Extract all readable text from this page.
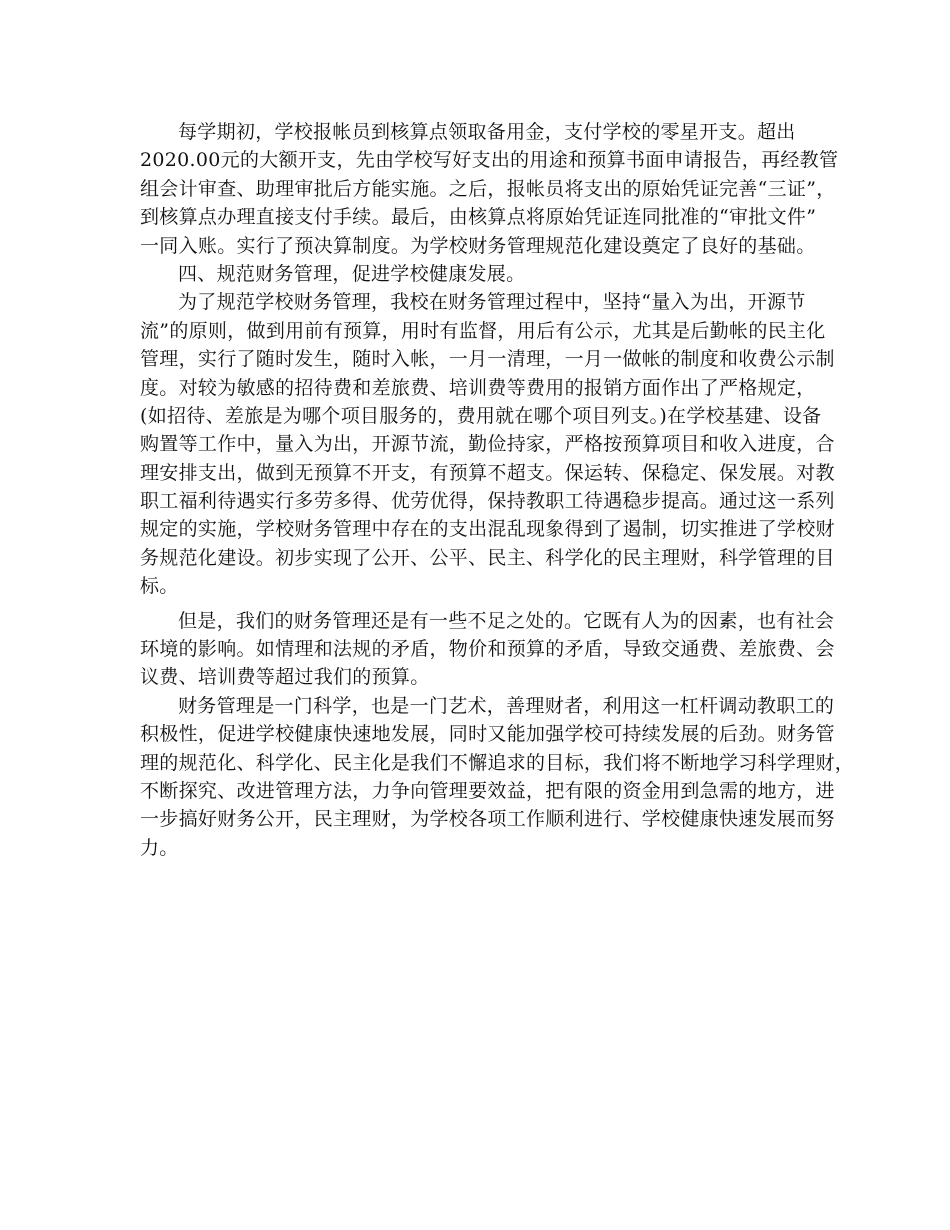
每学期初，学校报帐员到核算点领取备用金，支付学校的零星开支。超出
2020.00元的大额开支，先由学校写好支出的用途和预算书面申请报告，再经教管
组会计审查、助理审批后方能实施。之后，报帐员将支出的原始凭证完善“三证”，
到核算点办理直接支付手续。最后，由核算点将原始凭证连同批准的“审批文件”
一同入账。实行了预决算制度。为学校财务管理规范化建设奠定了良好的基础。
四、规范财务管理，促进学校健康发展。
为了规范学校财务管理，我校在财务管理过程中，坚持“量入为出，开源节
流”的原则，做到用前有预算，用时有监督，用后有公示，尤其是后勤帐的民主化
管理，实行了随时发生，随时入帐，一月一清理，一月一做帐的制度和收费公示制
度。对较为敏感的招待费和差旅费、培训费等费用的报销方面作出了严格规定，
(如招待、差旅是为哪个项目服务的，费用就在哪个项目列支。)在学校基建、设备
购置等工作中，量入为出，开源节流，勤俭持家，严格按预算项目和收入进度，合
理安排支出，做到无预算不开支，有预算不超支。保运转、保稳定、保发展。对教
职工福利待遇实行多劳多得、优劳优得，保持教职工待遇稳步提高。通过这一系列
规定的实施，学校财务管理中存在的支出混乱现象得到了遏制，切实推进了学校财
务规范化建设。初步实现了公开、公平、民主、科学化的民主理财，科学管理的目
标。
但是，我们的财务管理还是有一些不足之处的。它既有人为的因素，也有社会
环境的影响。如情理和法规的矛盾，物价和预算的矛盾，导致交通费、差旅费、会
议费、培训费等超过我们的预算。
财务管理是一门科学，也是一门艺术，善理财者，利用这一杠杆调动教职工的
积极性，促进学校健康快速地发展，同时又能加强学校可持续发展的后劲。财务管
理的规范化、科学化、民主化是我们不懈追求的目标，我们将不断地学习科学理财，
不断探究、改进管理方法，力争向管理要效益，把有限的资金用到急需的地方，进
一步搞好财务公开，民主理财，为学校各项工作顺利进行、学校健康快速发展而努
力。
